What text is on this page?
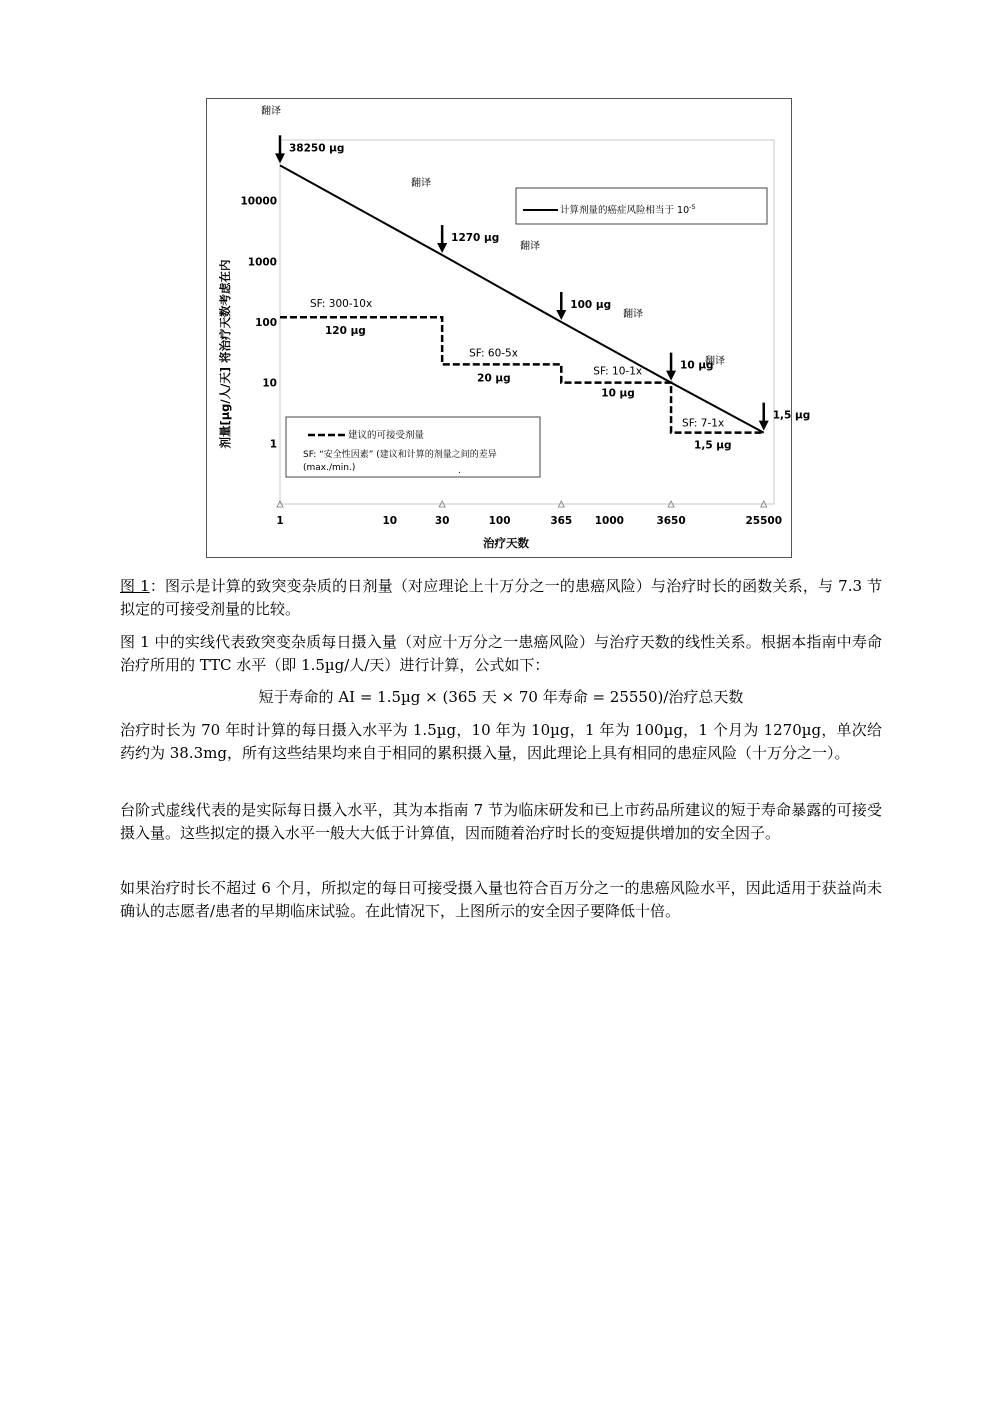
翻译
10000
1000
100
10
1
1	10	30	100	365 1000	3650	25500
38250 µg
1270 µg
100 µg
10 µg
1,5 µg
SF: 300-10x
120 µg
SF: 60-5x
20 µg
SF: 10-1x
10 µg
SF: 7-1x
1,5 µg
翻译
翻译
翻译
翻译
计算剂量的癌症风险相当于 $10^{-5}$
建议的可接受剂量
SF: “安全性因素” (建议和计算的剂量之间的差异
(max./min.)	.
剂量[µg/人/天] 将治疗天数考虑在内
治疗天数
图 1：图示是计算的致突变杂质的日剂量（对应理论上十万分之一的患癌风险）与治疗时长的函数关系，与 7.3 节拟定的可接受剂量的比较。
图 1 中的实线代表致突变杂质每日摄入量（对应十万分之一患癌风险）与治疗天数的线性关系。根据本指南中寿命治疗所用的 TTC 水平（即 1.5µg/人/天）进行计算，公式如下：
短于寿命的 AI = 1.5µg × (365 天 × 70 年寿命 = 25550)/治疗总天数
治疗时长为 70 年时计算的每日摄入水平为 1.5µg，10 年为 10µg，1 年为 100µg，1 个月为 1270µg，单次给药约为 38.3mg，所有这些结果均来自于相同的累积摄入量，因此理论上具有相同的患症风险（十万分之一）。
台阶式虚线代表的是实际每日摄入水平，其为本指南 7 节为临床研发和已上市药品所建议的短于寿命暴露的可接受摄入量。这些拟定的摄入水平一般大大低于计算值，因而随着治疗时长的变短提供增加的安全因子。
如果治疗时长不超过 6 个月，所拟定的每日可接受摄入量也符合百万分之一的患癌风险水平，因此适用于获益尚未确认的志愿者/患者的早期临床试验。在此情况下，上图所示的安全因子要降低十倍。
